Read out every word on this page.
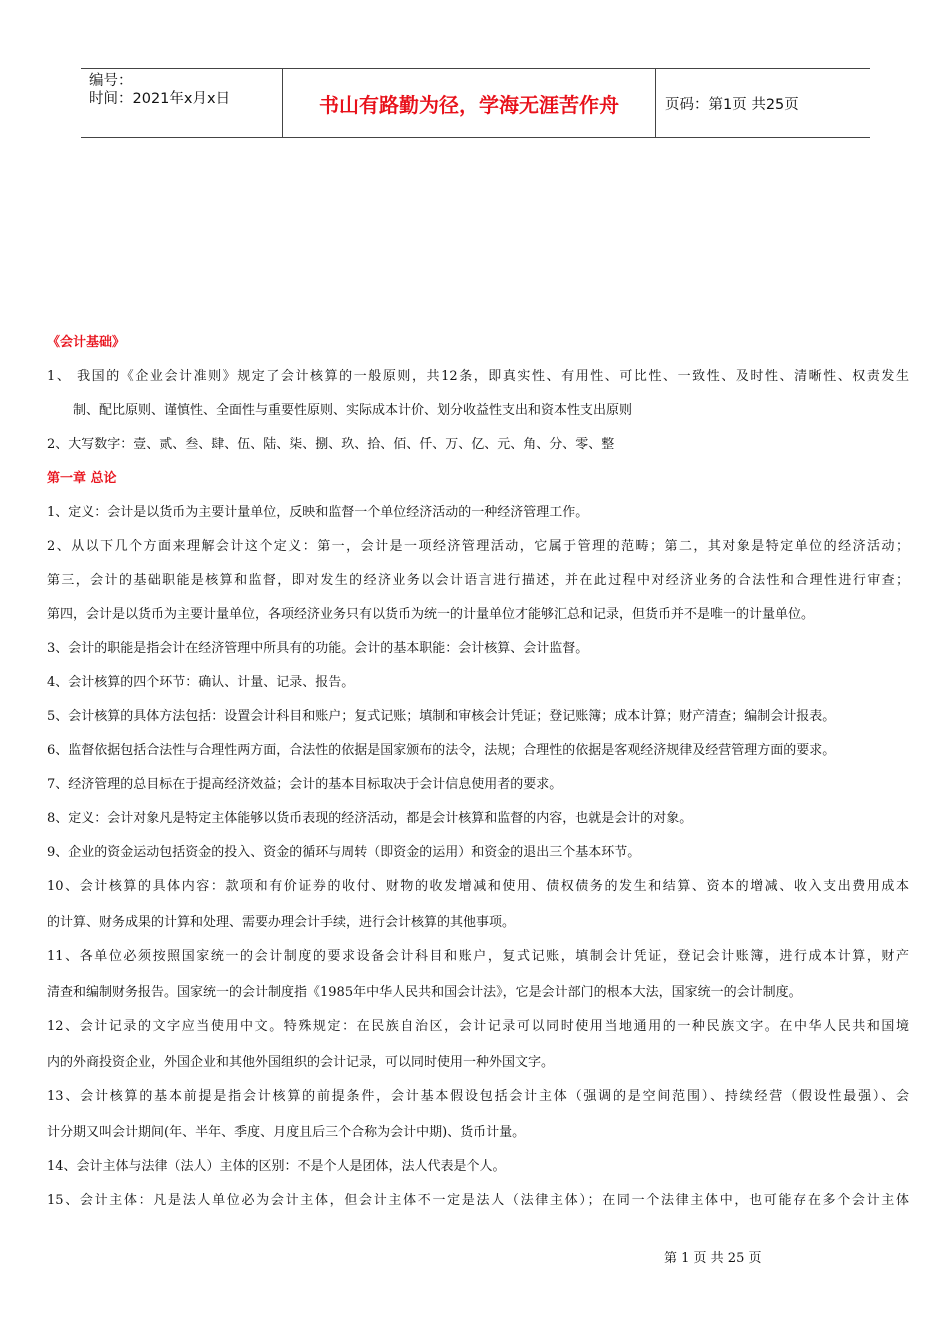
编号：
时间：2021年x月x日	书山有路勤为径，学海无涯苦作舟	页码：第1页 共25页
《会计基础》
1、 我国的《企业会计准则》规定了会计核算的一般原则，共12条，即真实性、有用性、可比性、一致性、及时性、清晰性、权责发生
制、配比原则、谨慎性、全面性与重要性原则、实际成本计价、划分收益性支出和资本性支出原则
2、大写数字：壹、贰、叁、肆、伍、陆、柒、捌、玖、拾、佰、仟、万、亿、元、角、分、零、整
第一章 总论
1、定义：会计是以货币为主要计量单位，反映和监督一个单位经济活动的一种经济管理工作。
2、从以下几个方面来理解会计这个定义：第一，会计是一项经济管理活动，它属于管理的范畴；第二，其对象是特定单位的经济活动；
第三，会计的基础职能是核算和监督，即对发生的经济业务以会计语言进行描述，并在此过程中对经济业务的合法性和合理性进行审查；
第四，会计是以货币为主要计量单位，各项经济业务只有以货币为统一的计量单位才能够汇总和记录，但货币并不是唯一的计量单位。
3、会计的职能是指会计在经济管理中所具有的功能。会计的基本职能：会计核算、会计监督。
4、会计核算的四个环节：确认、计量、记录、报告。
5、会计核算的具体方法包括：设置会计科目和账户；复式记账；填制和审核会计凭证；登记账簿；成本计算；财产清查；编制会计报表。
6、监督依据包括合法性与合理性两方面，合法性的依据是国家颁布的法令，法规；合理性的依据是客观经济规律及经营管理方面的要求。
7、经济管理的总目标在于提高经济效益；会计的基本目标取决于会计信息使用者的要求。
8、定义：会计对象凡是特定主体能够以货币表现的经济活动，都是会计核算和监督的内容，也就是会计的对象。
9、企业的资金运动包括资金的投入、资金的循环与周转（即资金的运用）和资金的退出三个基本环节。
10、会计核算的具体内容：款项和有价证券的收付、财物的收发增减和使用、债权债务的发生和结算、资本的增减、收入支出费用成本
的计算、财务成果的计算和处理、需要办理会计手续，进行会计核算的其他事项。
11、各单位必须按照国家统一的会计制度的要求设备会计科目和账户，复式记账，填制会计凭证，登记会计账簿，进行成本计算，财产
清查和编制财务报告。国家统一的会计制度指《1985年中华人民共和国会计法》，它是会计部门的根本大法，国家统一的会计制度。
12、会计记录的文字应当使用中文。特殊规定：在民族自治区，会计记录可以同时使用当地通用的一种民族文字。在中华人民共和国境
内的外商投资企业，外国企业和其他外国组织的会计记录，可以同时使用一种外国文字。
13、会计核算的基本前提是指会计核算的前提条件，会计基本假设包括会计主体（强调的是空间范围）、持续经营（假设性最强）、会
计分期又叫会计期间(年、半年、季度、月度且后三个合称为会计中期)、货币计量。
14、会计主体与法律（法人）主体的区别：不是个人是团体，法人代表是个人。
15、会计主体：凡是法人单位必为会计主体，但会计主体不一定是法人（法律主体）；在同一个法律主体中，也可能存在多个会计主体
第 1 页 共 25 页
